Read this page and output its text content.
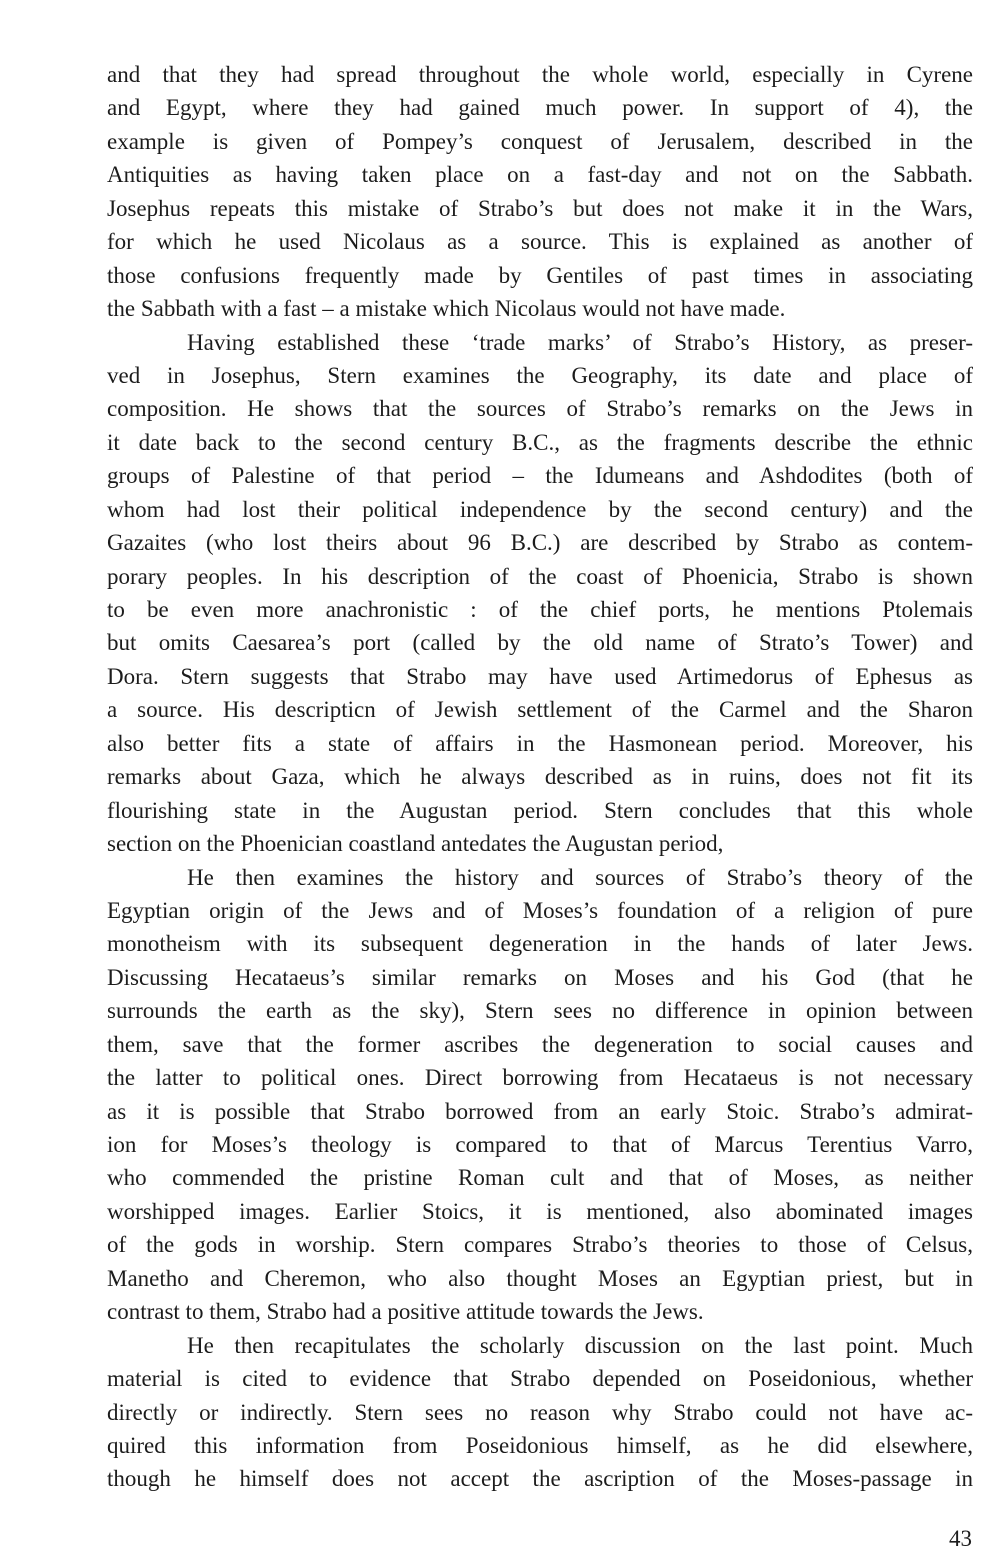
and that they had spread throughout the whole world, especially in Cyrene
and Egypt, where they had gained much power. In support of 4), the
example is given of Pompey’s conquest of Jerusalem, described in the
Antiquities as having taken place on a fast-day and not on the Sabbath.
Josephus repeats this mistake of Strabo’s but does not make it in the Wars,
for which he used Nicolaus as a source. This is explained as another of
those confusions frequently made by Gentiles of past times in associating
the Sabbath with a fast – a mistake which Nicolaus would not have made.
Having established these ‘trade marks’ of Strabo’s History, as preser-
ved in Josephus, Stern examines the Geography, its date and place of
composition. He shows that the sources of Strabo’s remarks on the Jews in
it date back to the second century B.C., as the fragments describe the ethnic
groups of Palestine of that period – the Idumeans and Ashdodites (both of
whom had lost their political independence by the second century) and the
Gazaites (who lost theirs about 96 B.C.) are described by Strabo as contem-
porary peoples. In his description of the coast of Phoenicia, Strabo is shown
to be even more anachronistic : of the chief ports, he mentions Ptolemais
but omits Caesarea’s port (called by the old name of Strato’s Tower) and
Dora. Stern suggests that Strabo may have used Artimedorus of Ephesus as
a source. His descripticn of Jewish settlement of the Carmel and the Sharon
also better fits a state of affairs in the Hasmonean period. Moreover, his
remarks about Gaza, which he always described as in ruins, does not fit its
flourishing state in the Augustan period. Stern concludes that this whole
section on the Phoenician coastland antedates the Augustan period,
He then examines the history and sources of Strabo’s theory of the
Egyptian origin of the Jews and of Moses’s foundation of a religion of pure
monotheism with its subsequent degeneration in the hands of later Jews.
Discussing Hecataeus’s similar remarks on Moses and his God (that he
surrounds the earth as the sky), Stern sees no difference in opinion between
them, save that the former ascribes the degeneration to social causes and
the latter to political ones. Direct borrowing from Hecataeus is not necessary
as it is possible that Strabo borrowed from an early Stoic. Strabo’s admirat-
ion for Moses’s theology is compared to that of Marcus Terentius Varro,
who commended the pristine Roman cult and that of Moses, as neither
worshipped images. Earlier Stoics, it is mentioned, also abominated images
of the gods in worship. Stern compares Strabo’s theories to those of Celsus,
Manetho and Cheremon, who also thought Moses an Egyptian priest, but in
contrast to them, Strabo had a positive attitude towards the Jews.
He then recapitulates the scholarly discussion on the last point. Much
material is cited to evidence that Strabo depended on Poseidonious, whether
directly or indirectly. Stern sees no reason why Strabo could not have ac-
quired this information from Poseidonious himself, as he did elsewhere,
though he himself does not accept the ascription of the Moses-passage in
43
